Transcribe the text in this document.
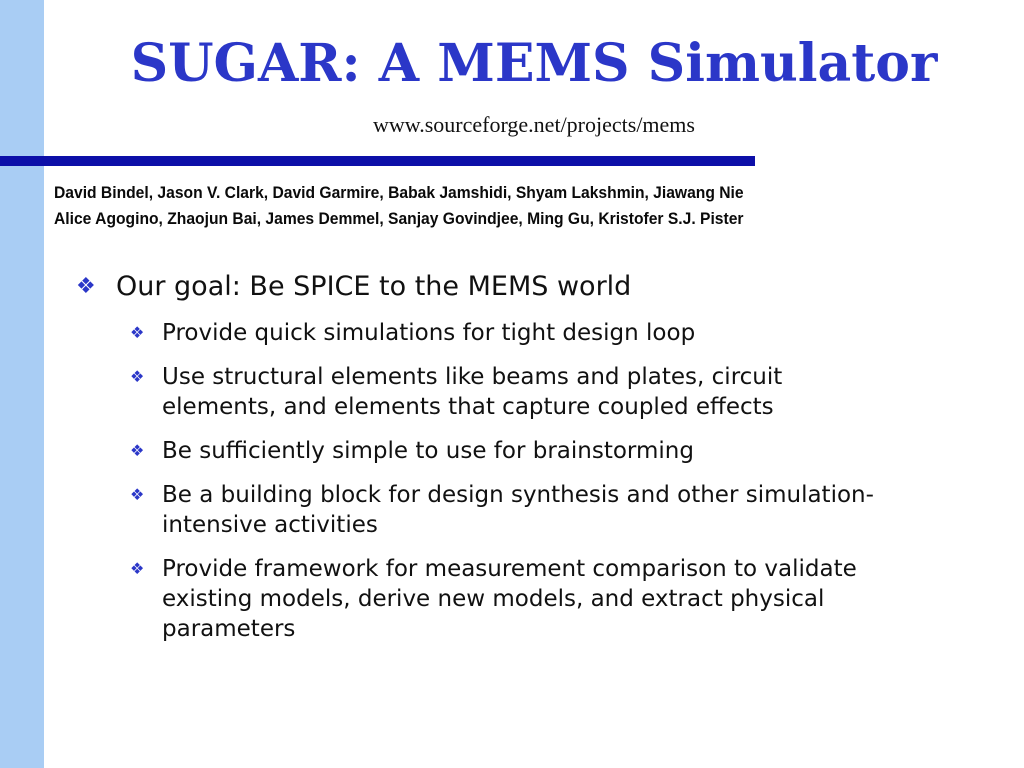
SUGAR: A MEMS Simulator
www.sourceforge.net/projects/mems
David Bindel, Jason V. Clark, David Garmire, Babak Jamshidi, Shyam Lakshmin, Jiawang Nie
Alice Agogino, Zhaojun Bai, James Demmel, Sanjay Govindjee, Ming Gu, Kristofer S.J. Pister
❖ Our goal: Be SPICE to the MEMS world
❖ Provide quick simulations for tight design loop
❖ Use structural elements like beams and plates, circuit elements, and elements that capture coupled effects
❖ Be sufficiently simple to use for brainstorming
❖ Be a building block for design synthesis and other simulation-intensive activities
❖ Provide framework for measurement comparison to validate existing models, derive new models, and extract physical parameters
